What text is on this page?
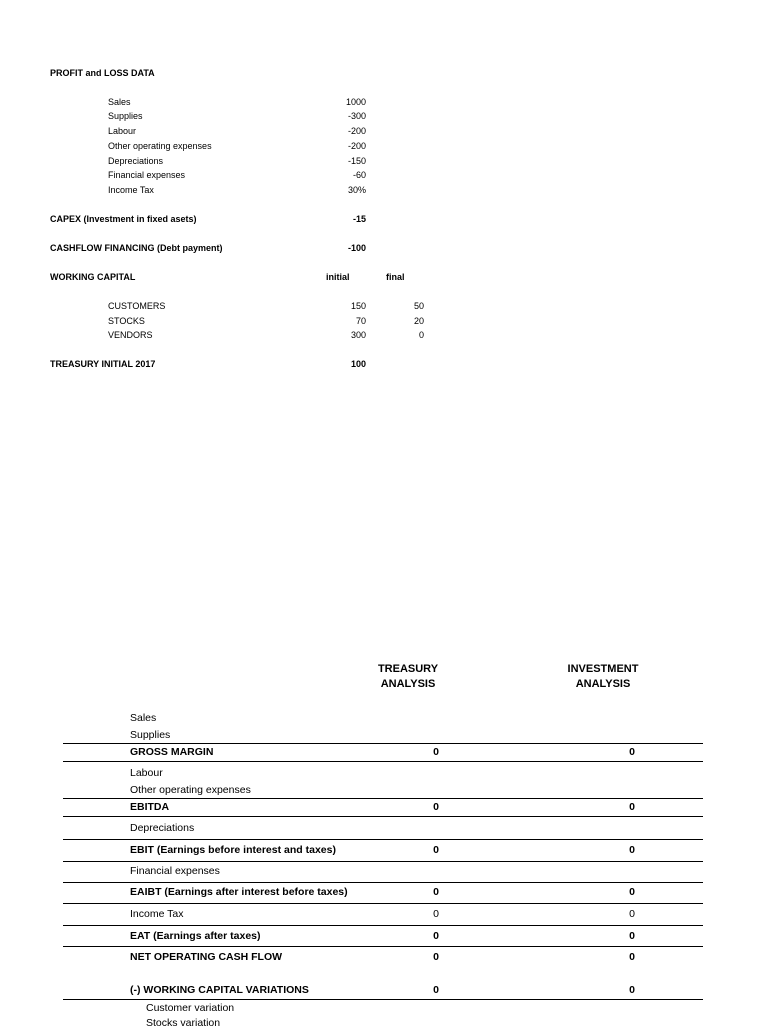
PROFIT and LOSS DATA
Sales	1000
Supplies	-300
Labour	-200
Other operating expenses	-200
Depreciations	-150
Financial expenses	-60
Income Tax	30%
CAPEX (Investment in fixed asets)	-15
CASHFLOW FINANCING (Debt payment)	-100
WORKING CAPITAL	initial	final
CUSTOMERS	150	50
STOCKS	70	20
VENDORS	300	0
TREASURY INITIAL 2017	100
TREASURY ANALYSIS
INVESTMENT ANALYSIS
Sales
Supplies
GROSS MARGIN	0	0
Labour
Other operating expenses
EBITDA	0	0
Depreciations
EBIT (Earnings before interest and taxes)	0	0
Financial expenses
EAIBT (Earnings after interest before taxes)	0	0
Income Tax	0	0
EAT (Earnings after taxes)	0	0
NET OPERATING CASH FLOW	0	0
(-) WORKING CAPITAL VARIATIONS	0	0
Customer variation
Stocks variation
